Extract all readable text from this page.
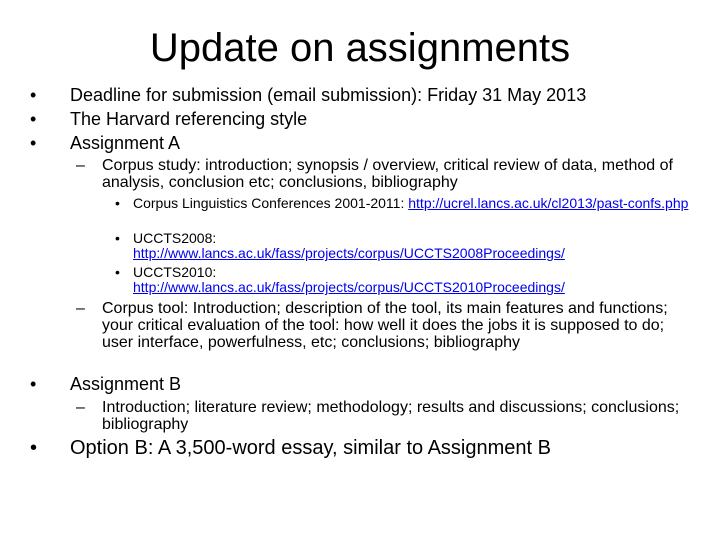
Update on assignments
• Deadline for submission (email submission): Friday 31 May 2013
• The Harvard referencing style
• Assignment A
– Corpus study: introduction; synopsis / overview, critical review of data, method of analysis, conclusion etc; conclusions, bibliography
• Corpus Linguistics Conferences 2001-2011: http://ucrel.lancs.ac.uk/cl2013/past-confs.php
• UCCTS2008:
http://www.lancs.ac.uk/fass/projects/corpus/UCCTS2008Proceedings/
• UCCTS2010:
http://www.lancs.ac.uk/fass/projects/corpus/UCCTS2010Proceedings/
– Corpus tool: Introduction; description of the tool, its main features and functions; your critical evaluation of the tool: how well it does the jobs it is supposed to do; user interface, powerfulness, etc; conclusions; bibliography
• Assignment B
– Introduction; literature review; methodology; results and discussions; conclusions; bibliography
• Option B: A 3,500-word essay, similar to Assignment B
